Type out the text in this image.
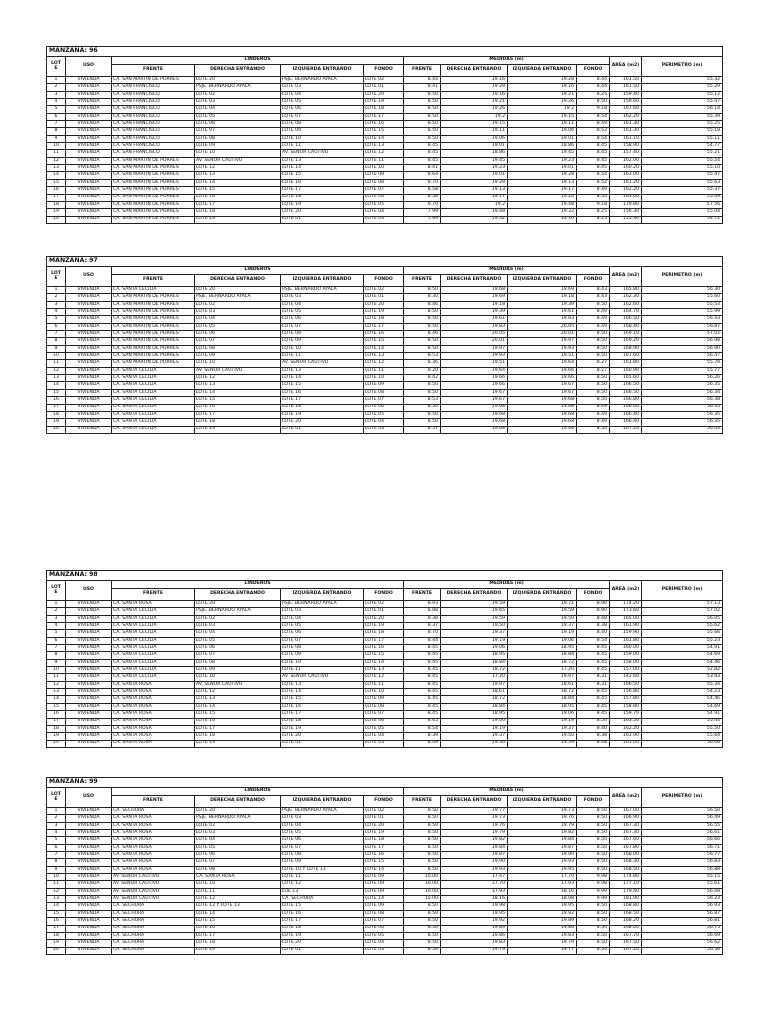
MANZANA: 96											
LOT
E	USO	LINDEROS				MEDIDAS (m)				AREA (m2)	PERIMETRO (m)
		FRENTE	DERECHA ENTRANDO	IZQUIERDA ENTRANDO	FONDO	FRENTE	DERECHA ENTRANDO	IZQUIERDA ENTRANDO	FONDO		
1	VIVIENDA	CA. SAN MARTIN DE PORRES	LOTE 20	PSJE. BERNARDO AYALA	LOTE 02	8.44	19.16	19.28	8.44	161.50	55.32
2	VIVIENDA	CA. SAN FRANCISCO	PSJE. BERNARDO AYALA	LOTE 03	LOTE 01	8.41	19.28	19.16	8.44	161.50	55.29
3	VIVIENDA	CA. SAN FRANCISCO	LOTE 02	LOTE 04	LOTE 20	8.50	19.16	19.21	8.25	159.40	55.12
4	VIVIENDA	CA. SAN FRANCISCO	LOTE 03	LOTE 05	LOTE 19	8.50	19.21	19.26	8.50	159.60	55.47
5	VIVIENDA	CA. SAN FRANCISCO	LOTE 04	LOTE 06	LOTE 18	8.50	19.26	19.2	9.18	167.60	56.14
6	VIVIENDA	CA. SAN FRANCISCO	LOTE 05	LOTE 07	LOTE 17	8.50	19.2	19.15	8.54	162.20	55.39
7	VIVIENDA	CA. SAN FRANCISCO	LOTE 06	LOTE 08	LOTE 16	8.50	19.15	19.11	8.49	161.30	55.25
8	VIVIENDA	CA. SAN FRANCISCO	LOTE 07	LOTE 09	LOTE 15	8.50	19.11	19.06	8.52	161.30	55.19
9	VIVIENDA	CA. SAN FRANCISCO	LOTE 08	LOTE 10	LOTE 14	8.50	19.06	19.01	8.54	161.10	55.11
10	VIVIENDA	CA. SAN FRANCISCO	LOTE 09	LOTE 11	LOTE 13	8.45	19.01	18.86	8.45	158.90	54.77
11	VIVIENDA	CA. SAN FRANCISCO	LOTE 10	AV. SEÑOR CAUTIVO	LOTE 12	8.45	18.86	19.45	8.45	157.40	55.21
12	VIVIENDA	CA. SAN MARTIN DE PORRES	AV. SEÑOR CAUTIVO	LOTE 13	LOTE 11	8.45	19.45	19.23	8.45	162.00	55.54
13	VIVIENDA	CA. SAN MARTIN DE PORRES	LOTE 12	LOTE 14	LOTE 10	8.41	19.23	19.01	8.45	160.20	55.10
14	VIVIENDA	CA. SAN MARTIN DE PORRES	LOTE 13	LOTE 15	LOTE 09	8.64	19.01	19.28	8.54	163.00	55.47
15	VIVIENDA	CA. SAN MARTIN DE PORRES	LOTE 14	LOTE 16	LOTE 08	8.70	19.28	19.13	8.52	161.20	55.63
16	VIVIENDA	CA. SAN MARTIN DE PORRES	LOTE 15	LOTE 17	LOTE 07	8.58	19.13	19.17	8.49	162.20	55.37
17	VIVIENDA	CA. SAN MARTIN DE PORRES	LOTE 16	LOTE 18	LOTE 06	8.58	19.17	19.20	8.54	163.00	55.49
18	VIVIENDA	CA. SAN MARTIN DE PORRES	LOTE 17	LOTE 19	LOTE 05	9.70	19.2	19.48	9.18	179.80	57.56
19	VIVIENDA	CA. SAN MARTIN DE PORRES	LOTE 18	LOTE 20	LOTE 04	7.99	19.48	19.32	8.25	156.30	55.04
20	VIVIENDA	CA. SAN MARTIN DE PORRES	LOTE 19	LOTE 01	LOTE 03	7.99	19.32	19.16	8.25	155.30	54.72
MANZANA: 97											
LOT
E	USO	LINDEROS				MEDIDAS (m)				AREA (m2)	PERIMETRO (m)
		FRENTE	DERECHA ENTRANDO	IZQUIERDA ENTRANDO	FONDO	FRENTE	DERECHA ENTRANDO	IZQUIERDA ENTRANDO	FONDO		
1	VIVIENDA	CA. SANTA CECILIA	LOTE 20	PSJE. BERNARDO AYALA	LOTE 02	8.50	19.68	19.69	8.43	165.80	56.30
2	VIVIENDA	CA. SAN MARTIN DE PORRES	PSJE. BERNARDO AYALA	LOTE 03	LOTE 01	8.30	19.69	19.18	8.43	162.30	55.60
3	VIVIENDA	CA. SAN MARTIN DE PORRES	LOTE 02	LOTE 04	LOTE 20	8.46	19.18	19.39	8.50	162.60	55.53
4	VIVIENDA	CA. SAN MARTIN DE PORRES	LOTE 03	LOTE 05	LOTE 19	8.50	19.39	19.61	8.49	164.70	55.99
5	VIVIENDA	CA. SAN MARTIN DE PORRES	LOTE 04	LOTE 06	LOTE 18	8.50	19.61	19.83	8.49	166.50	56.43
6	VIVIENDA	CA. SAN MARTIN DE PORRES	LOTE 05	LOTE 07	LOTE 17	8.50	19.83	20.05	8.49	168.40	56.87
7	VIVIENDA	CA. SAN MARTIN DE PORRES	LOTE 06	LOTE 08	LOTE 16	8.46	20.05	20.01	8.50	169.10	57.02
8	VIVIENDA	CA. SAN MARTIN DE PORRES	LOTE 07	LOTE 09	LOTE 15	8.50	20.01	19.97	8.50	169.20	56.98
9	VIVIENDA	CA. SAN MARTIN DE PORRES	LOTE 08	LOTE 10	LOTE 14	8.50	19.97	19.93	8.50	168.90	56.90
10	VIVIENDA	CA. SAN MARTIN DE PORRES	LOTE 09	LOTE 11	LOTE 13	8.53	19.93	19.51	8.50	167.60	56.47
11	VIVIENDA	CA. SAN MARTIN DE PORRES	LOTE 10	AV. SEÑOR CAUTIVO	LOTE 12	8.36	19.51	19.64	8.27	161.80	55.78
12	VIVIENDA	CA. SANTA CECILIA	AV. SEÑOR CAUTIVO	LOTE 13	LOTE 11	8.20	19.64	19.66	8.27	160.90	55.77
13	VIVIENDA	CA. SANTA CECILIA	LOTE 12	LOTE 14	LOTE 10	8.42	19.66	19.66	8.50	165.60	56.26
14	VIVIENDA	CA. SANTA CECILIA	LOTE 13	LOTE 15	LOTE 09	8.50	19.66	19.67	8.50	166.50	56.35
15	VIVIENDA	CA. SANTA CECILIA	LOTE 14	LOTE 16	LOTE 08	8.50	19.67	19.67	8.50	166.50	56.34
16	VIVIENDA	CA. SANTA CECILIA	LOTE 15	LOTE 17	LOTE 07	8.53	19.67	19.68	8.50	166.80	56.38
17	VIVIENDA	CA. SANTA CECILIA	LOTE 16	LOTE 18	LOTE 06	8.50	19.68	19.68	8.49	166.40	56.35
18	VIVIENDA	CA. SANTA CECILIA	LOTE 17	LOTE 19	LOTE 05	8.50	19.68	19.68	8.49	166.40	56.35
19	VIVIENDA	CA. SANTA CECILIA	LOTE 18	LOTE 20	LOTE 04	8.50	19.68	19.68	8.49	166.40	56.35
20	VIVIENDA	CA. SANTA CECILIA	LOTE 19	LOTE 01	LOTE 03	8.57	19.68	19.68	8.50	167.20	56.43
MANZANA: 98											
LOT
E	USO	LINDEROS				MEDIDAS (m)				AREA (m2)	PERIMETRO (m)
		FRENTE	DERECHA ENTRANDO	IZQUIERDA ENTRANDO	FONDO	FRENTE	DERECHA ENTRANDO	IZQUIERDA ENTRANDO	FONDO		
1	VIVIENDA	CA. SANTA ROSA	LOTE 20	PSJE. BERNARDO AYALA	LOTE 02	8.93	19.59	19.71	8.90	174.20	57.13
2	VIVIENDA	CA. SANTA CECILIA	PSJE. BERNARDO AYALA	LOTE 03	LOTE 01	8.88	19.65	19.59	8.90	173.60	57.02
3	VIVIENDA	CA. SANTA CECILIA	LOTE 02	LOTE 04	LOTE 20	8.38	19.59	19.50	8.48	165.00	56.05
4	VIVIENDA	CA. SANTA CECILIA	LOTE 03	LOTE 05	LOTE 19	8.37	19.50	19.37	8.38	161.90	55.62
5	VIVIENDA	CA. SANTA CECILIA	LOTE 04	LOTE 06	LOTE 18	8.70	19.37	19.19	8.40	159.90	55.66
6	VIVIENDA	CA. SANTA CECILIA	LOTE 05	LOTE 07	LOTE 17	8.44	19.19	19.06	8.54	161.80	55.23
7	VIVIENDA	CA. SANTA CECILIA	LOTE 06	LOTE 08	LOTE 16	8.45	19.06	18.95	8.45	160.00	54.91
8	VIVIENDA	CA. SANTA CECILIA	LOTE 07	LOTE 09	LOTE 15	8.45	18.95	18.84	8.45	159.00	54.69
9	VIVIENDA	CA. SANTA CECILIA	LOTE 08	LOTE 10	LOTE 14	8.45	18.84	18.72	8.45	158.00	54.46
10	VIVIENDA	CA. SANTA CECILIA	LOTE 09	LOTE 11	LOTE 13	8.45	18.72	17.20	8.45	157.00	52.82
11	VIVIENDA	CA. SANTA CECILIA	LOTE 10	AV. SEÑOR CAUTIVO	LOTE 12	8.45	17.20	19.97	8.31	142.60	53.93
12	VIVIENDA	CA. SANTA ROSA	AV. SEÑOR CAUTIVO	LOTE 13	LOTE 11	8.45	19.97	18.61	8.31	166.50	55.34
13	VIVIENDA	CA. SANTA ROSA	LOTE 12	LOTE 14	LOTE 10	8.45	18.61	18.72	8.45	156.80	54.23
14	VIVIENDA	CA. SANTA ROSA	LOTE 13	LOTE 15	LOTE 09	8.45	18.72	18.84	8.45	157.80	54.46
15	VIVIENDA	CA. SANTA ROSA	LOTE 14	LOTE 16	LOTE 08	8.45	18.84	18.95	8.45	158.80	54.69
16	VIVIENDA	CA. SANTA ROSA	LOTE 15	LOTE 17	LOTE 07	8.45	18.95	19.06	8.45	159.70	54.91
17	VIVIENDA	CA. SANTA ROSA	LOTE 16	LOTE 18	LOTE 06	8.45	19.06	19.19	8.54	163.50	55.44
18	VIVIENDA	CA. SANTA ROSA	LOTE 17	LOTE 19	LOTE 05	8.54	19.19	19.37	8.40	162.20	55.50
19	VIVIENDA	CA. SANTA ROSA	LOTE 18	LOTE 20	LOTE 04	8.39	19.37	19.50	8.38	161.90	55.64
20	VIVIENDA	CA. SANTA ROSA	LOTE 19	LOTE 01	LOTE 03	8.49	19.50	19.59	8.48	165.00	56.06
MANZANA: 99											
LOT
E	USO	LINDEROS				MEDIDAS (m)				AREA (m2)	PERIMETRO (m)
		FRENTE	DERECHA ENTRANDO	IZQUIERDA ENTRANDO	FONDO	FRENTE	DERECHA ENTRANDO	IZQUIERDA ENTRANDO	FONDO		
1	VIVIENDA	CA. SECHURA	LOTE 20	PSJE. BERNARDO AYALA	LOTE 02	8.50	19.77	19.73	8.50	167.00	56.50
2	VIVIENDA	CA. SANTA ROSA	PSJE. BERNARDO AYALA	LOTE 03	LOTE 01	8.50	19.73	19.76	8.50	166.90	56.49
3	VIVIENDA	CA. SANTA ROSA	LOTE 02	LOTE 04	LOTE 20	8.50	19.76	19.79	8.50	167.30	56.55
4	VIVIENDA	CA. SANTA ROSA	LOTE 03	LOTE 05	LOTE 19	8.50	19.79	19.82	8.50	167.30	56.61
5	VIVIENDA	CA. SANTA ROSA	LOTE 04	LOTE 06	LOTE 18	8.50	19.82	19.84	8.50	167.60	56.66
6	VIVIENDA	CA. SANTA ROSA	LOTE 05	LOTE 07	LOTE 17	8.50	19.84	19.87	8.50	167.80	56.71
7	VIVIENDA	CA. SANTA ROSA	LOTE 06	LOTE 08	LOTE 16	8.50	19.87	19.90	8.50	168.00	56.77
8	VIVIENDA	CA. SANTA ROSA	LOTE 07	LOTE 09	LOTE 15	8.50	19.90	19.93	8.50	168.30	56.83
9	VIVIENDA	CA. SANTA ROSA	LOTE 08	LOTE 10 Y LOTE 11	LOTE 14	8.50	19.93	19.95	8.50	168.50	56.88
10	VIVIENDA	AV. SEÑOR CAUTIVO	CA. SANTA ROSA	LOTE 11	LOTE 09	10.00	17.47	17.70	9.98	174.80	55.15
11	VIVIENDA	AV. SEÑOR CAUTIVO	LOTE 10	LOTE 12	LOTE 09	10.00	17.70	17.93	9.98	177.10	55.61
12	VIVIENDA	AV. SEÑOR CAUTIVO	LOTE 11	LOE 13	LOTE 09	10.00	17.93	18.16	9.99	179.40	56.08
13	VIVIENDA	AV. SEÑOR CAUTIVO	LOTE 12	CA. SECHURA	LOTE 14	10.00	18.16	18.08	9.99	181.90	56.23
14	VIVIENDA	CA. SECHURA	LOTE 12 Y LOTE 13	LOTE 15	LOTE 09	8.50	19.98	19.95	8.50	168.80	56.93
15	VIVIENDA	CA. SECHURA	LOTE 14	LOTE 16	LOTE 08	8.50	19.95	19.92	8.50	168.50	56.87
16	VIVIENDA	CA. SECHURA	LOTE 15	LOTE 17	LOTE 07	8.50	19.92	19.89	8.50	168.20	56.81
17	VIVIENDA	CA. SECHURA	LOTE 16	LOTE 18	LOTE 06	8.50	19.89	19.86	8.50	168.00	56.75
18	VIVIENDA	CA. SECHURA	LOTE 17	LOTE 19	LOTE 05	8.50	19.86	19.83	8.50	167.70	56.69
19	VIVIENDA	CA. SECHURA	LOTE 18	LOTE 20	LOTE 04	8.50	19.83	19.79	8.50	167.50	56.62
20	VIVIENDA	CA. SECHURA	LOTE 19	LOTE 01	LOTE 03	8.50	19.79	19.77	8.50	167.20	56.56
